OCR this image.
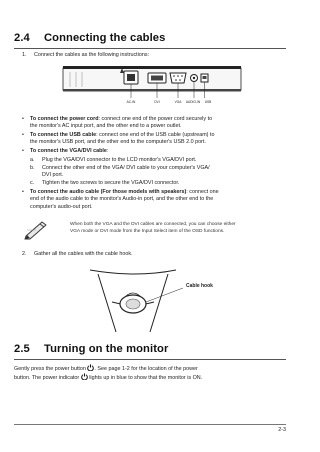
2.4 Connecting the cables
1. Connect the cables as the following instructions:
AC-IN	DVI	VGA AUDIO-IN USB
• To connect the power cord: connect one end of the power cord securely to
the monitor's AC input port, and the other end to a power outlet.
• To connect the USB cable: connect one end of the USB cable (upstream) to
the monitor's USB port, and the other end to the computer's USB 2.0 port.
• To connect the VGA/DVI cable:
a. Plug the VGA/DVI connector to the LCD monitor's VGA/DVI port.
b. Connect the other end of the VGA/ DVI cable to your computer's VGA/
DVI port.
c. Tighten the two screws to secure the VGA/DVI connector.
• To connect the audio cable (For those models with speakers): connect one
end of the audio cable to the monitor's Audio-in port, and the other end to the
computer's audio-out port.
When both the VGA and the DVI cables are connected, you can choose either
VGA mode or DVI mode from the Input Select item of the OSD functions.
2. Gather all the cables with the cable hook.
Cable hook
2.5 Turning on the monitor
Gently press the power button . See page 1-2 for the location of the power
button. The power indicator lights up in blue to show that the monitor is ON.
2-3
